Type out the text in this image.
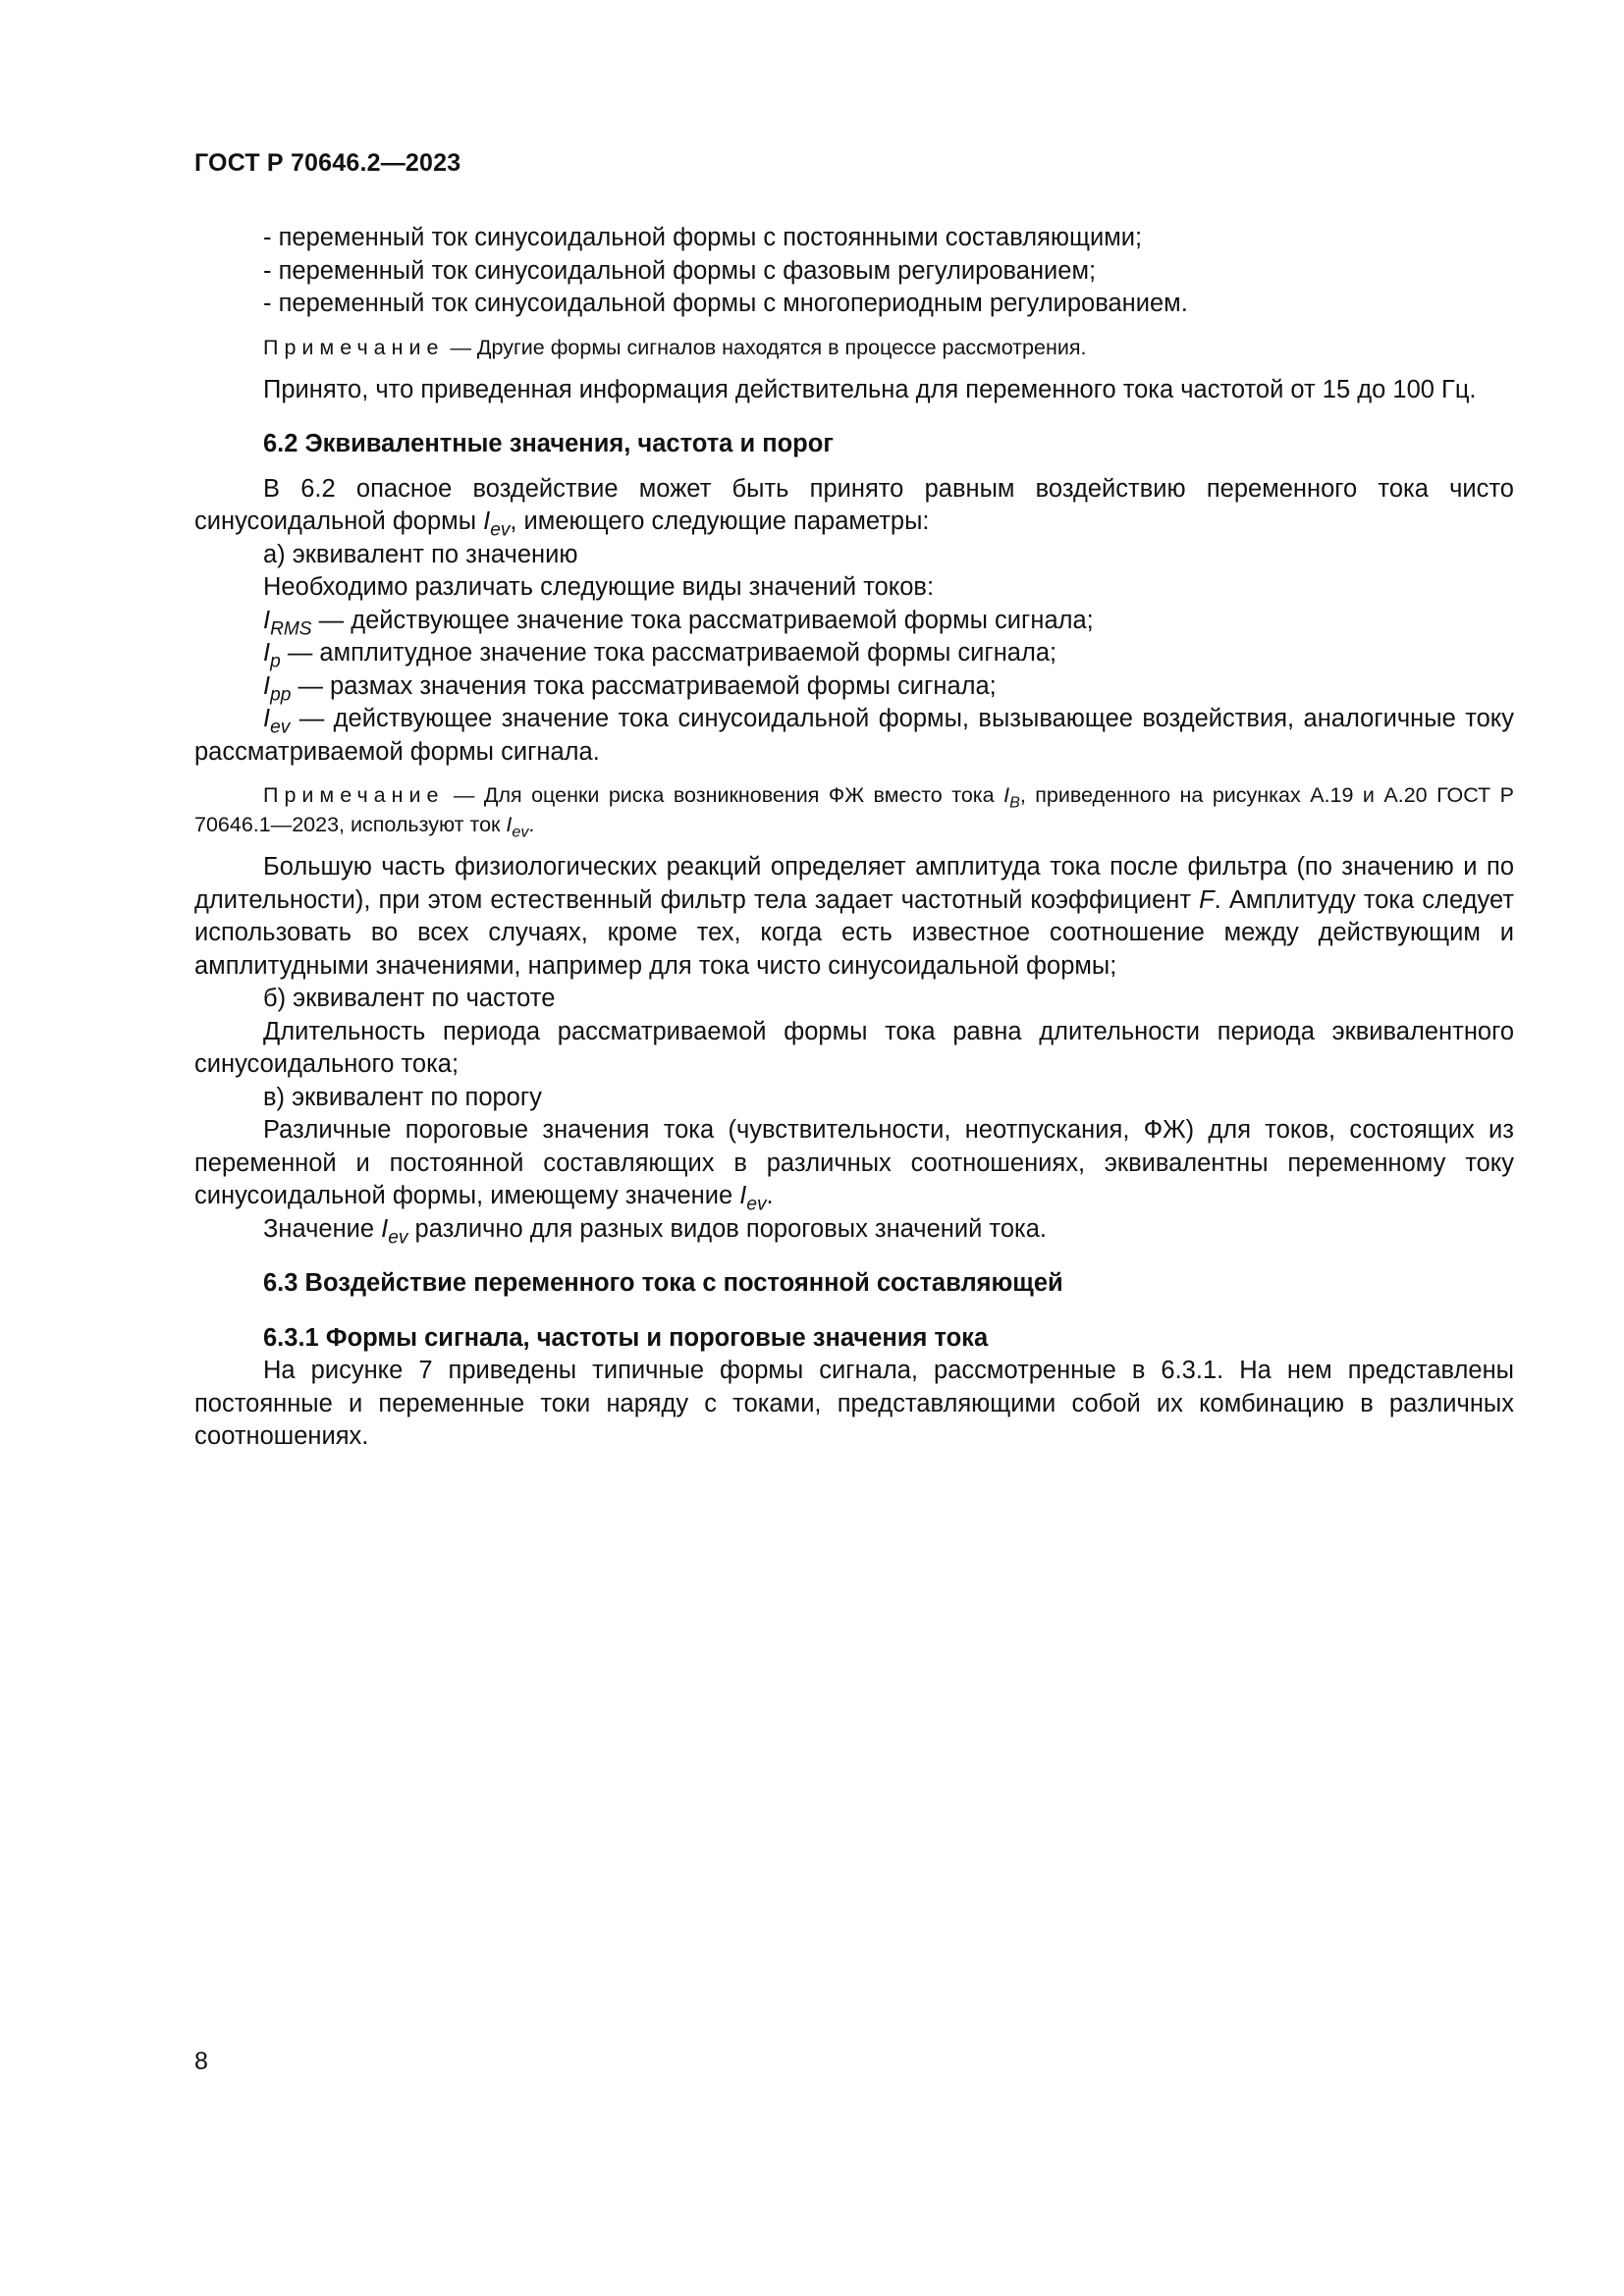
ГОСТ Р 70646.2—2023

- переменный ток синусоидальной формы с постоянными составляющими;

- переменный ток синусоидальной формы с фазовым регулированием;

- переменный ток синусоидальной формы с многопериодным регулированием.

Примечание — Другие формы сигналов находятся в процессе рассмотрения.

Принято, что приведенная информация действительна для переменного тока частотой от 15 до 100 Гц.

6.2 Эквивалентные значения, частота и порог

В 6.2 опасное воздействие может быть принято равным воздействию переменного тока чисто синусоидальной формы $I_{ev}$, имеющего следующие параметры:

а) эквивалент по значению

Необходимо различать следующие виды значений токов:

$I_{RMS}$ — действующее значение тока рассматриваемой формы сигнала;

$I_p$ — амплитудное значение тока рассматриваемой формы сигнала;

$I_{pp}$ — размах значения тока рассматриваемой формы сигнала;

$I_{ev}$ — действующее значение тока синусоидальной формы, вызывающее воздействия, аналогичные току рассматриваемой формы сигнала.

Примечание — Для оценки риска возникновения ФЖ вместо тока $I_B$, приведенного на рисунках А.19 и А.20 ГОСТ Р 70646.1—2023, используют ток $I_{ev}$.

Большую часть физиологических реакций определяет амплитуда тока после фильтра (по значению и по длительности), при этом естественный фильтр тела задает частотный коэффициент F. Амплитуду тока следует использовать во всех случаях, кроме тех, когда есть известное соотношение между действующим и амплитудными значениями, например для тока чисто синусоидальной формы;

б) эквивалент по частоте

Длительность периода рассматриваемой формы тока равна длительности периода эквивалентного синусоидального тока;

в) эквивалент по порогу

Различные пороговые значения тока (чувствительности, неотпускания, ФЖ) для токов, состоящих из переменной и постоянной составляющих в различных соотношениях, эквивалентны переменному току синусоидальной формы, имеющему значение $I_{ev}$.

Значение $I_{ev}$ различно для разных видов пороговых значений тока.

6.3 Воздействие переменного тока с постоянной составляющей

6.3.1 Формы сигнала, частоты и пороговые значения тока

На рисунке 7 приведены типичные формы сигнала, рассмотренные в 6.3.1. На нем представлены постоянные и переменные токи наряду с токами, представляющими собой их комбинацию в различных соотношениях.

8
